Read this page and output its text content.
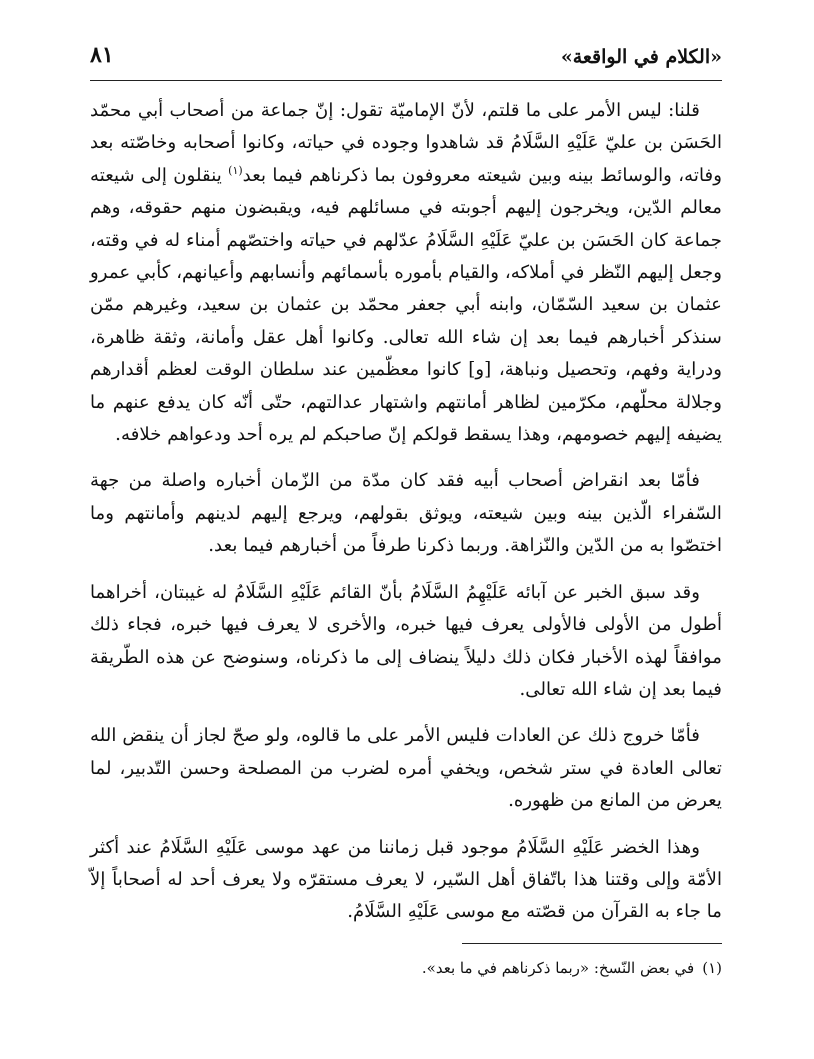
«الكلام في الواقعة»
٨١

قلنا: ليس الأمر على ما قلتم، لأنّ الإماميّة تقول: إنّ جماعة من أصحاب أبي محمّد الحَسَن بن عليّ عَلَيْهِ السَّلَامُ قد شاهدوا وجوده في حياته، وكانوا أصحابه وخاصّته بعد وفاته، والوسائط بينه وبين شيعته معروفون بما ذكرناهم فيما بعد$^{(١)}$ ينقلون إلى شيعته معالم الدّين، ويخرجون إليهم أجوبته في مسائلهم فيه، ويقبضون منهم حقوقه، وهم جماعة كان الحَسَن بن عليّ عَلَيْهِ السَّلَامُ عدّلهم في حياته واختصّهم أمناء له في وقته، وجعل إليهم النّظر في أملاكه، والقيام بأموره بأسمائهم وأنسابهم وأعيانهم، كأبي عمرو عثمان بن سعيد السّمّان، وابنه أبي جعفر محمّد بن عثمان بن سعيد، وغيرهم ممّن سنذكر أخبارهم فيما بعد إن شاء الله تعالى. وكانوا أهل عقل وأمانة، وثقة ظاهرة، ودراية وفهم، وتحصيل ونباهة، [و] كانوا معظّمين عند سلطان الوقت لعظم أقدارهم وجلالة محلّهم، مكرّمين لظاهر أمانتهم واشتهار عدالتهم، حتّى أنّه كان يدفع عنهم ما يضيفه إليهم خصومهم، وهذا يسقط قولكم إنّ صاحبكم لم يره أحد ودعواهم خلافه.

فأمّا بعد انقراض أصحاب أبيه فقد كان مدّة من الزّمان أخباره واصلة من جهة السّفراء الّذين بينه وبين شيعته، ويوثق بقولهم، ويرجع إليهم لدينهم وأمانتهم وما اختصّوا به من الدّين والنّزاهة. وربما ذكرنا طرفاً من أخبارهم فيما بعد.

وقد سبق الخبر عن آبائه عَلَيْهِمُ السَّلَامُ بأنّ القائم عَلَيْهِ السَّلَامُ له غيبتان، أخراهما أطول من الأولى فالأولى يعرف فيها خبره، والأخرى لا يعرف فيها خبره، فجاء ذلك موافقاً لهذه الأخبار فكان ذلك دليلاً ينضاف إلى ما ذكرناه، وسنوضح عن هذه الطّريقة فيما بعد إن شاء الله تعالى.

فأمّا خروج ذلك عن العادات فليس الأمر على ما قالوه، ولو صحّ لجاز أن ينقض الله تعالى العادة في ستر شخص، ويخفي أمره لضرب من المصلحة وحسن التّدبير، لما يعرض من المانع من ظهوره.

وهذا الخضر عَلَيْهِ السَّلَامُ موجود قبل زماننا من عهد موسى عَلَيْهِ السَّلَامُ عند أكثر الأمّة وإلى وقتنا هذا باتّفاق أهل السّير، لا يعرف مستقرّه ولا يعرف أحد له أصحاباً إلاّ ما جاء به القرآن من قصّته مع موسى عَلَيْهِ السَّلَامُ.

(١)في بعض النّسخ: «ربما ذكرناهم في ما بعد».
